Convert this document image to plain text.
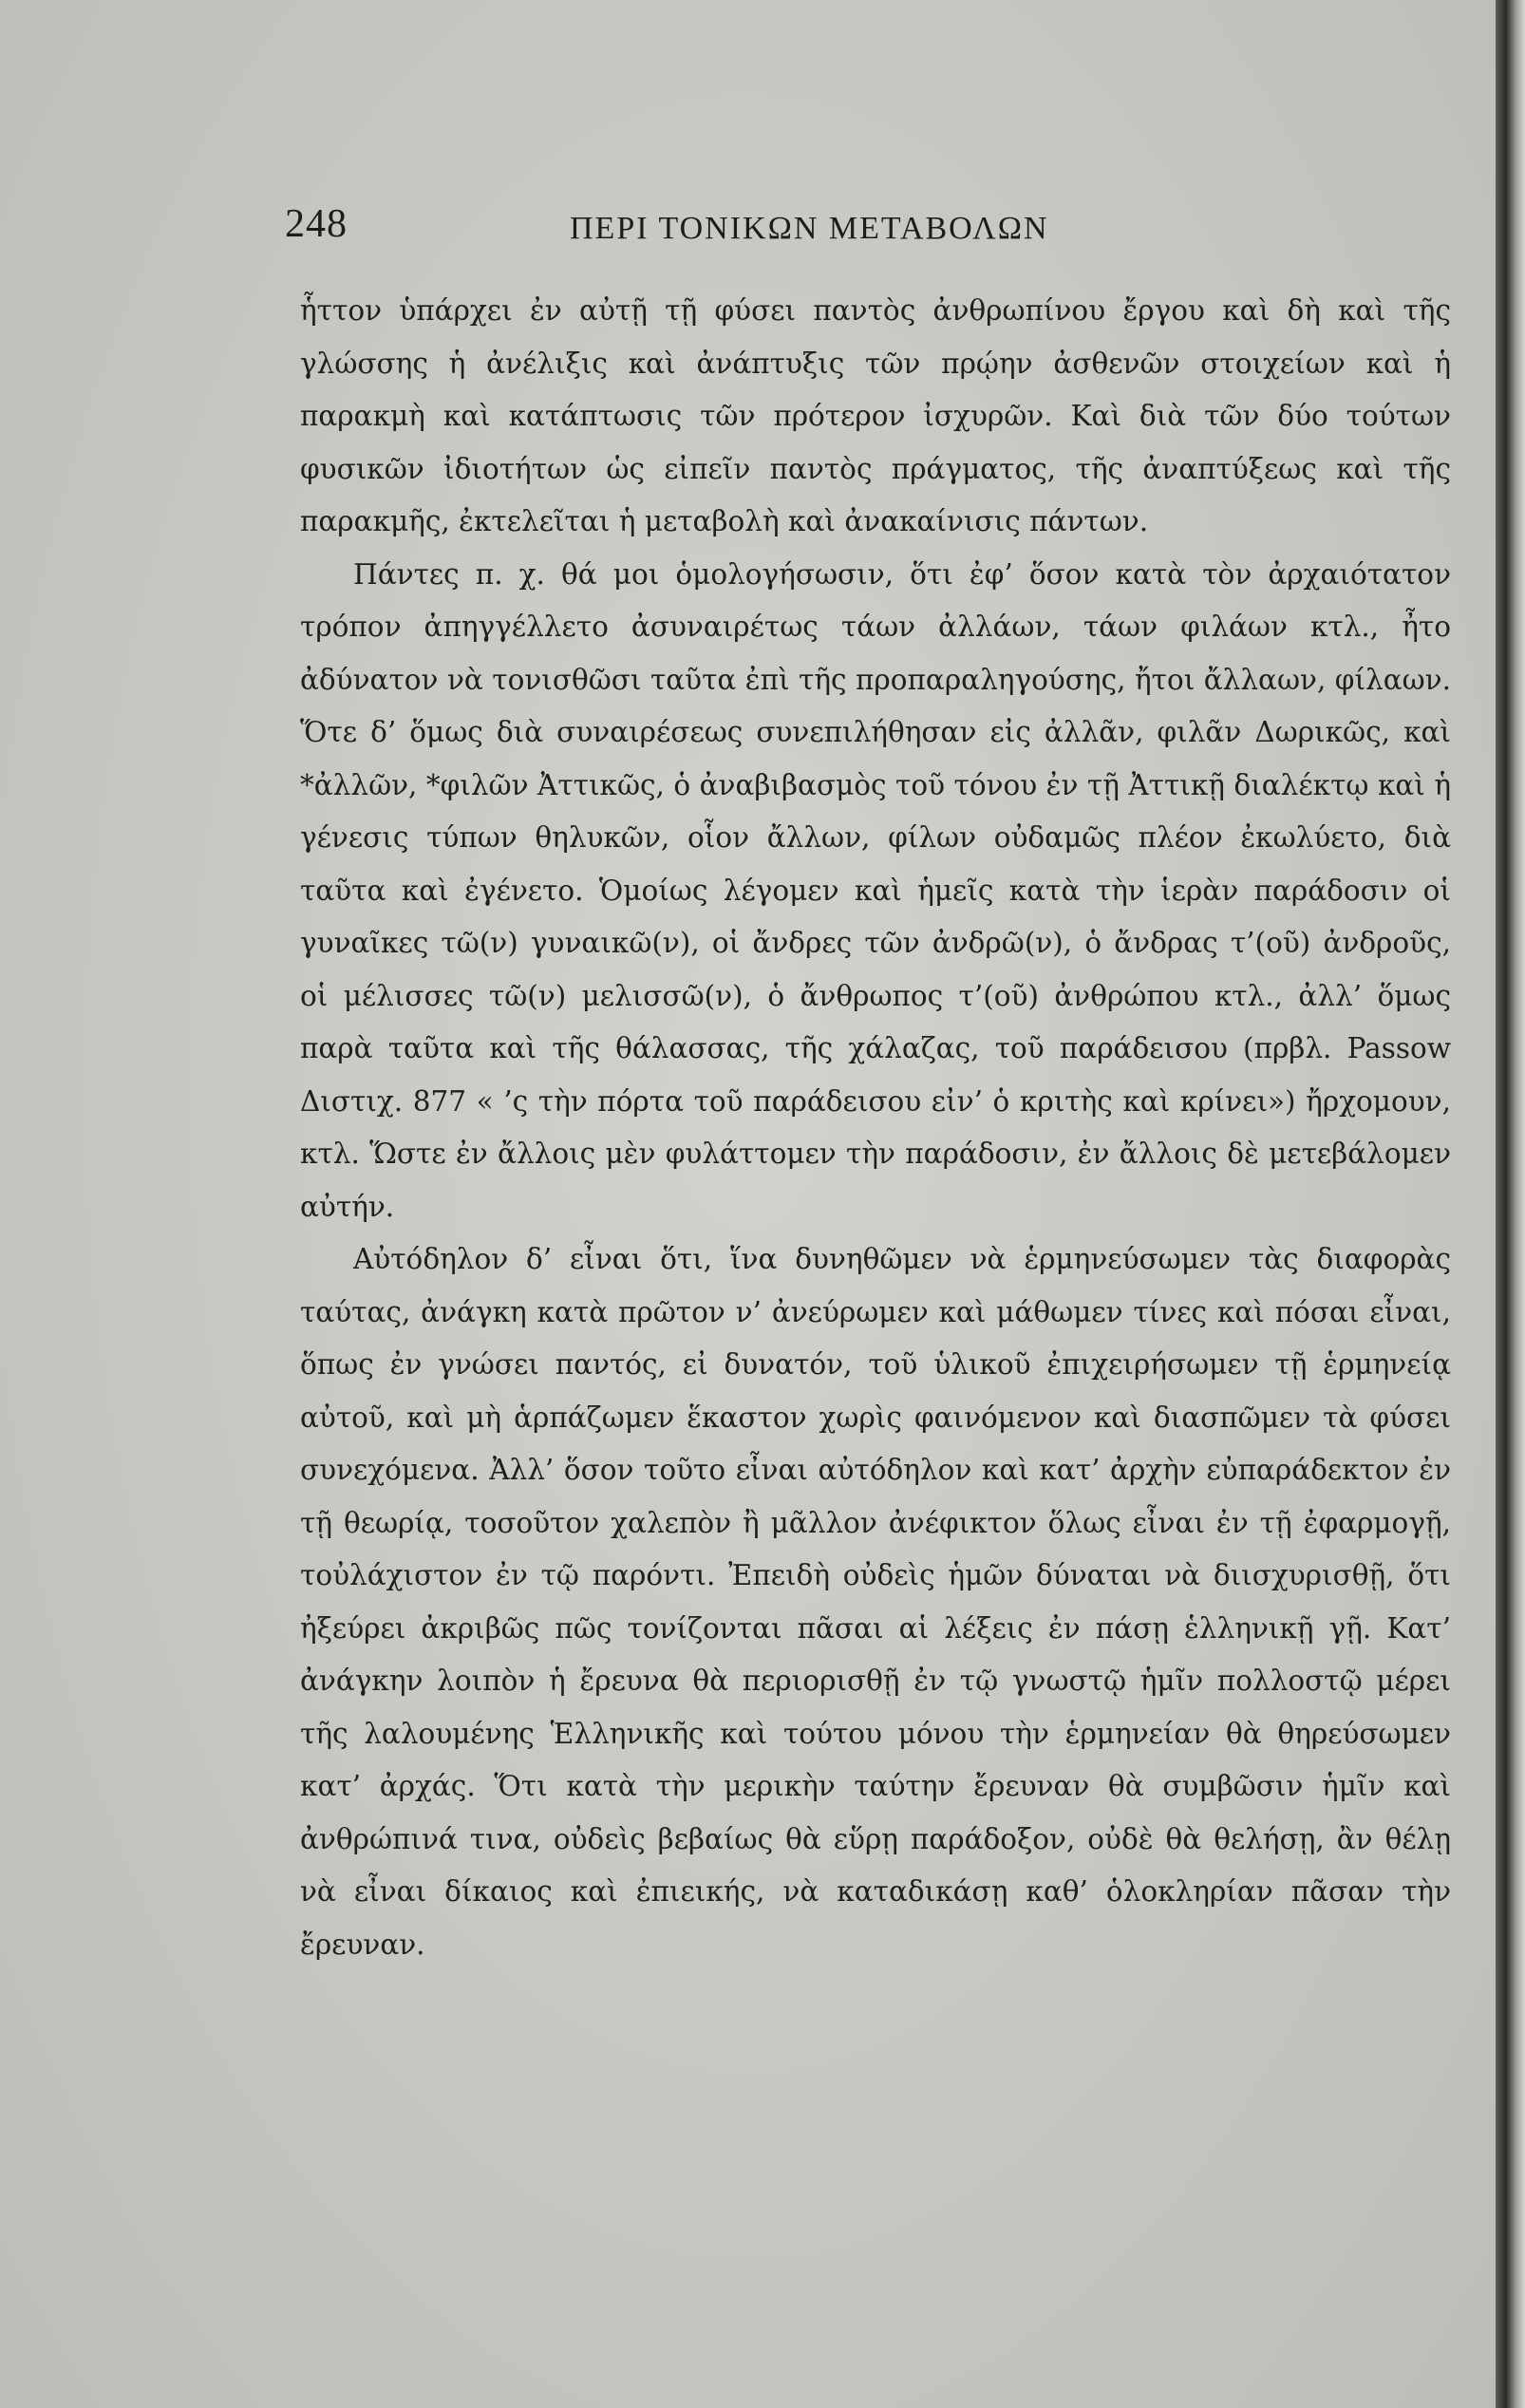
248	ΠΕΡΙ ΤΟΝΙΚΩΝ ΜΕΤΑΒΟΛΩΝ

ἧττον ὑπάρχει ἐν αὐτῇ τῇ φύσει παντὸς ἀνθρωπίνου ἔργου καὶ δὴ καὶ τῆς γλώσσης ἡ ἀνέλιξις καὶ ἀνάπτυξις τῶν πρῴην ἀσθενῶν στοιχείων καὶ ἡ παρακμὴ καὶ κατάπτωσις τῶν πρότερον ἰσχυρῶν. Καὶ διὰ τῶν δύο τούτων φυσικῶν ἰδιοτήτων ὡς εἰπεῖν παντὸς πράγματος, τῆς ἀναπτύξεως καὶ τῆς παρακμῆς, ἐκτελεῖται ἡ μεταβολὴ καὶ ἀνακαίνισις πάντων.

Πάντες π. χ. θά μοι ὁμολογήσωσιν, ὅτι ἐφ’ ὅσον κατὰ τὸν ἀρχαιότατον τρόπον ἀπηγγέλλετο ἀσυναιρέτως τάων ἀλλάων, τάων φιλάων κτλ., ἦτο ἀδύνατον νὰ τονισθῶσι ταῦτα ἐπὶ τῆς προπαραληγούσης, ἤτοι ἄλλαων, φίλαων. Ὅτε δ’ ὅμως διὰ συναιρέσεως συνεπιλήθησαν εἰς ἀλλᾶν, φιλᾶν Δωρικῶς, καὶ *ἀλλῶν, *φιλῶν Ἀττικῶς, ὁ ἀναβιβασμὸς τοῦ τόνου ἐν τῇ Ἀττικῇ διαλέκτῳ καὶ ἡ γένεσις τύπων θηλυκῶν, οἷον ἄλλων, φίλων οὐδαμῶς πλέον ἐκωλύετο, διὰ ταῦτα καὶ ἐγένετο. Ὁμοίως λέγομεν καὶ ἡμεῖς κατὰ τὴν ἱερὰν παράδοσιν οἱ γυναῖκες τῶ(ν) γυναικῶ(ν), οἱ ἄνδρες τῶν ἀνδρῶ(ν), ὁ ἄνδρας τ’(οῦ) ἀνδροῦς, οἱ μέλισσες τῶ(ν) μελισσῶ(ν), ὁ ἄνθρωπος τ’(οῦ) ἀνθρώπου κτλ., ἀλλ’ ὅμως παρὰ ταῦτα καὶ τῆς θάλασσας, τῆς χάλαζας, τοῦ παράδεισου (πρβλ. Passow Διστιχ. 877 « ’ς τὴν πόρτα τοῦ παράδεισου εἰν’ ὁ κριτὴς καὶ κρίνει») ἤρχομουν, κτλ. Ὥστε ἐν ἄλλοις μὲν φυλάττομεν τὴν παράδοσιν, ἐν ἄλλοις δὲ μετεβάλομεν αὐτήν.

Αὐτόδηλον δ’ εἶναι ὅτι, ἵνα δυνηθῶμεν νὰ ἑρμηνεύσωμεν τὰς διαφορὰς ταύτας, ἀνάγκη κατὰ πρῶτον ν’ ἀνεύρωμεν καὶ μάθωμεν τίνες καὶ πόσαι εἶναι, ὅπως ἐν γνώσει παντός, εἰ δυνατόν, τοῦ ὑλικοῦ ἐπιχειρήσωμεν τῇ ἑρμηνείᾳ αὐτοῦ, καὶ μὴ ἁρπάζωμεν ἕκαστον χωρὶς φαινόμενον καὶ διασπῶμεν τὰ φύσει συνεχόμενα. Ἀλλ’ ὅσον τοῦτο εἶναι αὐτόδηλον καὶ κατ’ ἀρχὴν εὐπαράδεκτον ἐν τῇ θεωρίᾳ, τοσοῦτον χαλεπὸν ἢ μᾶλλον ἀνέφικτον ὅλως εἶναι ἐν τῇ ἐφαρμογῇ, τοὐλάχιστον ἐν τῷ παρόντι. Ἐπειδὴ οὐδεὶς ἡμῶν δύναται νὰ διισχυρισθῇ, ὅτι ἠξεύρει ἀκριβῶς πῶς τονίζονται πᾶσαι αἱ λέξεις ἐν πάσῃ ἑλληνικῇ γῇ. Κατ’ ἀνάγκην λοιπὸν ἡ ἔρευνα θὰ περιορισθῇ ἐν τῷ γνωστῷ ἡμῖν πολλοστῷ μέρει τῆς λαλουμένης Ἑλληνικῆς καὶ τούτου μόνου τὴν ἑρμηνείαν θὰ θηρεύσωμεν κατ’ ἀρχάς. Ὅτι κατὰ τὴν μερικὴν ταύτην ἔρευναν θὰ συμβῶσιν ἡμῖν καὶ ἀνθρώπινά τινα, οὐδεὶς βεβαίως θὰ εὕρῃ παράδοξον, οὐδὲ θὰ θελήσῃ, ἂν θέλῃ νὰ εἶναι δίκαιος καὶ ἐπιεικής, νὰ καταδικάσῃ καθ’ ὁλοκληρίαν πᾶσαν τὴν ἔρευναν.
